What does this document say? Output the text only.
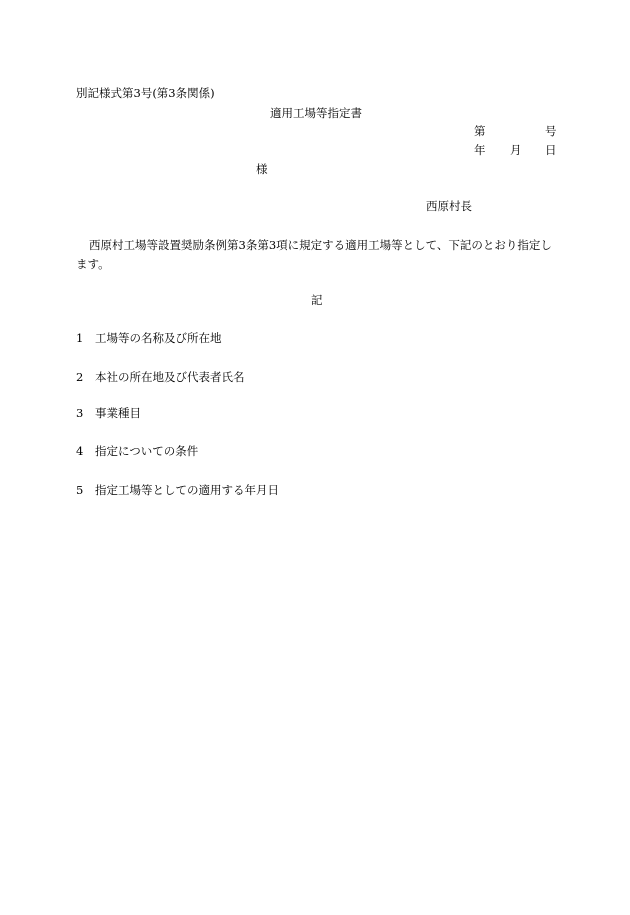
別記様式第3号(第3条関係)
適用工場等指定書
第	号
年 月 日
様
西原村長
西原村工場等設置奨励条例第3条第3項に規定する適用工場等として、下記のとおり指定します。
記
1 工場等の名称及び所在地
2 本社の所在地及び代表者氏名
3 事業種目
4 指定についての条件
5 指定工場等としての適用する年月日
